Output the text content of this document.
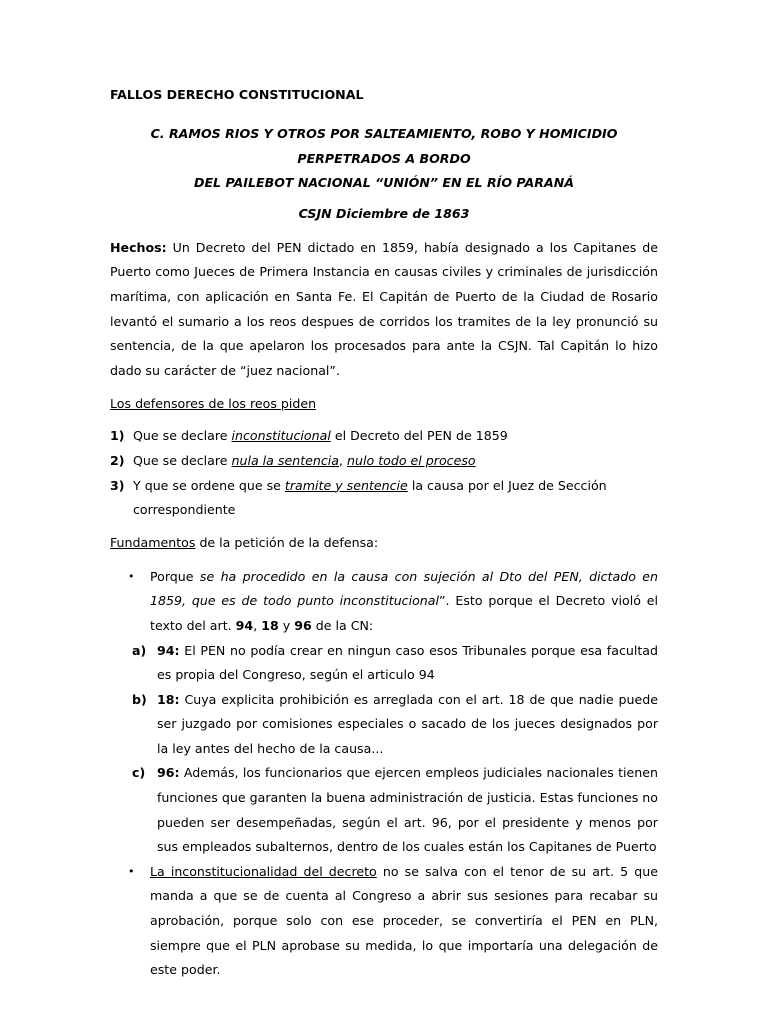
FALLOS DERECHO CONSTITUCIONAL

C. RAMOS RIOS Y OTROS POR SALTEAMIENTO, ROBO Y HOMICIDIO PERPETRADOS A BORDO
DEL PAILEBOT NACIONAL “UNIÓN” EN EL RÍO PARANÁ

CSJN Diciembre de 1863

Hechos: Un Decreto del PEN dictado en 1859, había designado a los Capitanes de Puerto como Jueces de Primera Instancia en causas civiles y criminales de jurisdicción marítima, con aplicación en Santa Fe. El Capitán de Puerto de la Ciudad de Rosario levantó el sumario a los reos despues de corridos los tramites de la ley pronunció su sentencia, de la que apelaron los procesados para ante la CSJN. Tal Capitán lo hizo dado su carácter de “juez nacional”.

Los defensores de los reos piden

1) Que se declare inconstitucional el Decreto del PEN de 1859
2) Que se declare nula la sentencia, nulo todo el proceso
3) Y que se ordene que se tramite y sentencie la causa por el Juez de Sección correspondiente

Fundamentos de la petición de la defensa:

•	Porque se ha procedido en la causa con sujeción al Dto del PEN, dictado en 1859, que es de todo punto inconstitucional”. Esto porque el Decreto violó el texto del art. 94, 18 y 96 de la CN:
a) 94: El PEN no podía crear en ningun caso esos Tribunales porque esa facultad es propia del Congreso, según el articulo 94
b) 18: Cuya explicita prohibición es arreglada con el art. 18 de que nadie puede ser juzgado por comisiones especiales o sacado de los jueces designados por la ley antes del hecho de la causa...
c) 96: Además, los funcionarios que ejercen empleos judiciales nacionales tienen funciones que garanten la buena administración de justicia. Estas funciones no pueden ser desempeñadas, según el art. 96, por el presidente y menos por sus empleados subalternos, dentro de los cuales están los Capitanes de Puerto
•	La inconstitucionalidad del decreto no se salva con el tenor de su art. 5 que manda a que se de cuenta al Congreso a abrir sus sesiones para recabar su aprobación, porque solo con ese proceder, se convertiría el PEN en PLN, siempre que el PLN aprobase su medida, lo que importaría una delegación de este poder.
